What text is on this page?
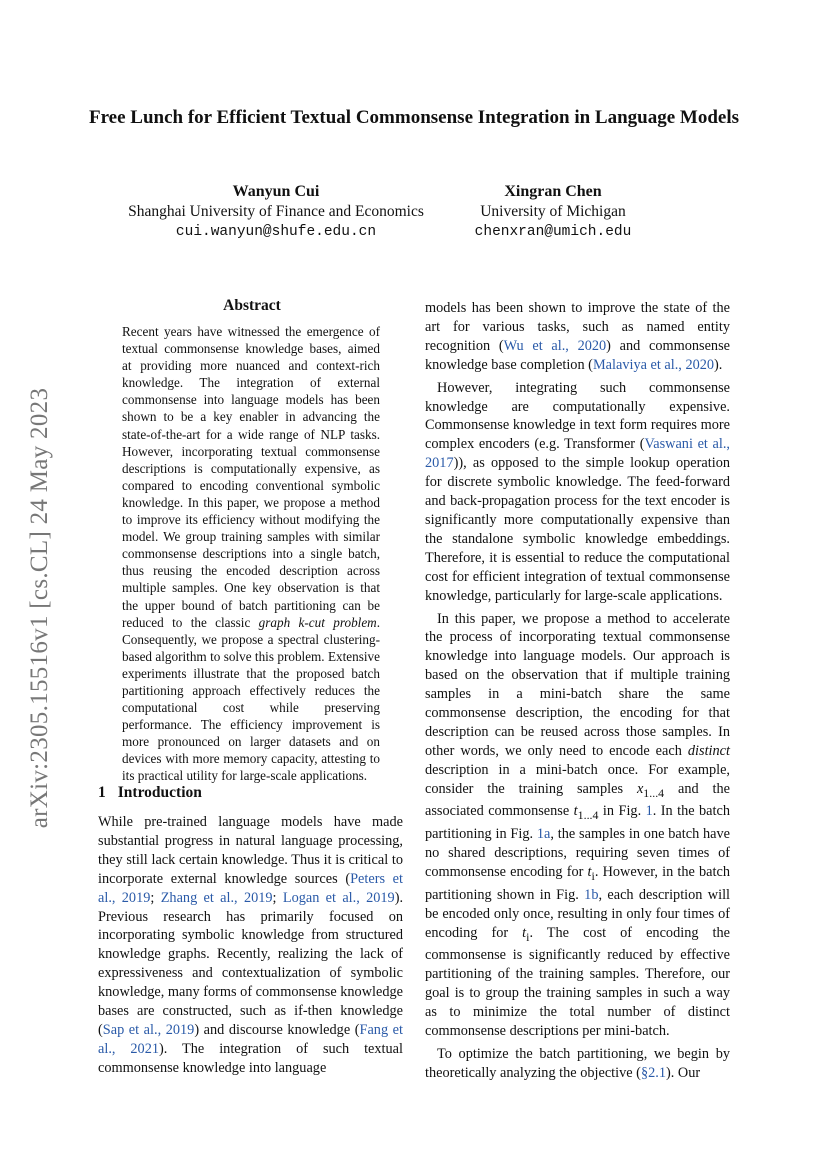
Free Lunch for Efficient Textual Commonsense Integration in Language Models
Wanyun Cui
Shanghai University of Finance and Economics
cui.wanyun@shufe.edu.cn
Xingran Chen
University of Michigan
chenxran@umich.edu
arXiv:2305.15516v1 [cs.CL] 24 May 2023
Abstract
Recent years have witnessed the emergence of textual commonsense knowledge bases, aimed at providing more nuanced and context-rich knowledge. The integration of external commonsense into language models has been shown to be a key enabler in advancing the state-of-the-art for a wide range of NLP tasks. However, incorporating textual commonsense descriptions is computationally expensive, as compared to encoding conventional symbolic knowledge. In this paper, we propose a method to improve its efficiency without modifying the model. We group training samples with similar commonsense descriptions into a single batch, thus reusing the encoded description across multiple samples. One key observation is that the upper bound of batch partitioning can be reduced to the classic graph k-cut problem. Consequently, we propose a spectral clustering-based algorithm to solve this problem. Extensive experiments illustrate that the proposed batch partitioning approach effectively reduces the computational cost while preserving performance. The efficiency improvement is more pronounced on larger datasets and on devices with more memory capacity, attesting to its practical utility for large-scale applications.
1 Introduction

While pre-trained language models have made substantial progress in natural language processing, they still lack certain knowledge. Thus it is critical to incorporate external knowledge sources (Peters et al., 2019; Zhang et al., 2019; Logan et al., 2019). Previous research has primarily focused on incorporating symbolic knowledge from structured knowledge graphs. Recently, realizing the lack of expressiveness and contextualization of symbolic knowledge, many forms of commonsense knowledge bases are constructed, such as if-then knowledge (Sap et al., 2019) and discourse knowledge (Fang et al., 2021). The integration of such textual commonsense knowledge into language

models has been shown to improve the state of the art for various tasks, such as named entity recognition (Wu et al., 2020) and commonsense knowledge base completion (Malaviya et al., 2020).

However, integrating such commonsense knowledge are computationally expensive. Commonsense knowledge in text form requires more complex encoders (e.g. Transformer (Vaswani et al., 2017)), as opposed to the simple lookup operation for discrete symbolic knowledge. The feed-forward and back-propagation process for the text encoder is significantly more computationally expensive than the standalone symbolic knowledge embeddings. Therefore, it is essential to reduce the computational cost for efficient integration of textual commonsense knowledge, particularly for large-scale applications.

In this paper, we propose a method to accelerate the process of incorporating textual commonsense knowledge into language models. Our approach is based on the observation that if multiple training samples in a mini-batch share the same commonsense description, the encoding for that description can be reused across those samples. In other words, we only need to encode each distinct description in a mini-batch once. For example, consider the training samples $x_{1...4}$ and the associated commonsense $t_{1...4}$ in Fig. 1. In the batch partitioning in Fig. 1a, the samples in one batch have no shared descriptions, requiring seven times of commonsense encoding for $t_i$. However, in the batch partitioning shown in Fig. 1b, each description will be encoded only once, resulting in only four times of encoding for $t_i$. The cost of encoding the commonsense is significantly reduced by effective partitioning of the training samples. Therefore, our goal is to group the training samples in such a way as to minimize the total number of distinct commonsense descriptions per mini-batch.

To optimize the batch partitioning, we begin by theoretically analyzing the objective (§2.1). Our
